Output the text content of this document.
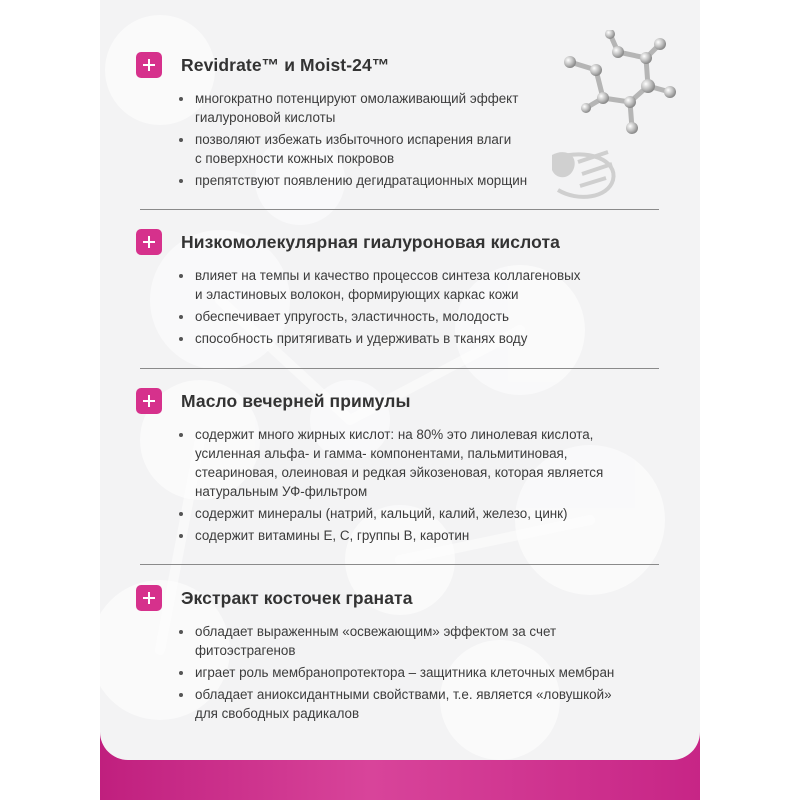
Revidrate™ и Moist-24™
многократно потенцируют омолаживающий эффект
гиалуроновой кислоты
позволяют избежать избыточного испарения влаги
с поверхности кожных покровов
препятствуют появлению дегидратационных морщин
Низкомолекулярная гиалуроновая кислота
влияет на темпы и качество процессов синтеза коллагеновых
и эластиновых волокон, формирующих каркас кожи
обеспечивает упругость, эластичность, молодость
способность притягивать и удерживать в тканях воду
Масло вечерней примулы
содержит много жирных кислот: на 80% это линолевая кислота,
усиленная альфа- и гамма- компонентами, пальмитиновая,
стеариновая, олеиновая и редкая эйкозеновая, которая является
натуральным УФ-фильтром
содержит минералы (натрий, кальций, калий, железо, цинк)
содержит витамины Е, С, группы В, каротин
Экстракт косточек граната
обладает выраженным «освежающим» эффектом за счет фитоэстрагенов
играет роль мембранопротектора – защитника клеточных мембран
обладает аниоксидантными свойствами, т.е. является «ловушкой»
для свободных радикалов
